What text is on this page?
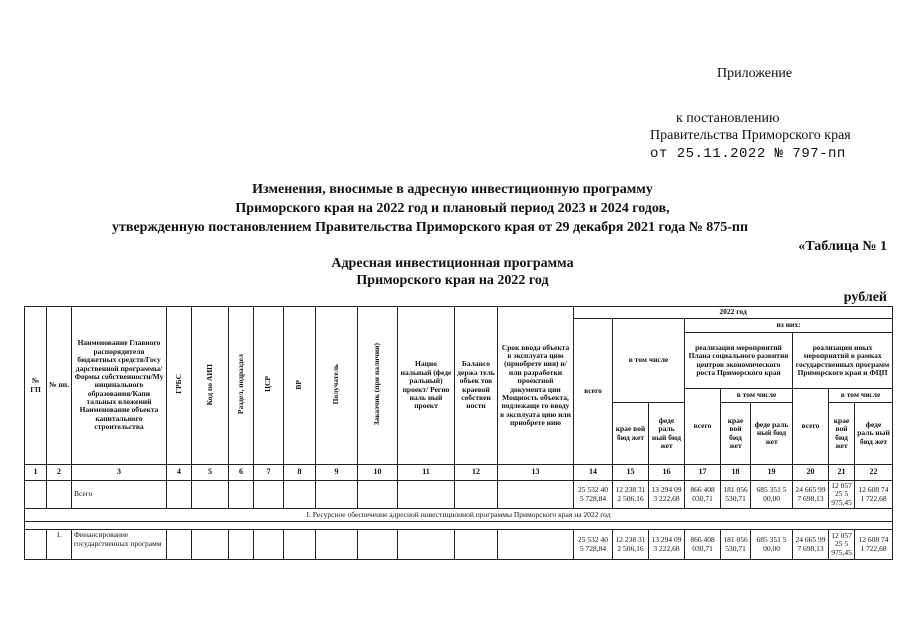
Приложение
к постановлению
Правительства Приморского края
от 25.11.2022 № 797-пп
Изменения, вносимые в адресную инвестиционную программу
Приморского края на 2022 год и плановый период 2023 и 2024 годов,
утвержденную постановлением Правительства Приморского края от 29 декабря 2021 года № 875-пп
«Таблица № 1
Адресная инвестиционная программа
Приморского края на 2022 год
рублей
№ ГП	№ пп.	Наименование Главного распорядителя бюджетных средств/Госу дарственной программы/ Формы собственности/Му ниципального образования/Капи тальных вложений Наименование объекта капитального строительства	ГРБС	Код по АИП	Раздел, подраздел	ЦСР	ВР	Получатель	Заказчик (при наличии)	Нацио нальный (феде ральный) проект/ Регио наль ный проект	Балансо держа тель объек тов краевой собствен ности	Срок ввода объекта в эксплуата цию (приобрете ния) и/или разработки проектной документа ции Мощность объекта, подлежаще го вводу в эксплуата цию или приобрете нию	2022 год								
													всего	в том числе		из них:					
																реализация мероприятий Плана социального развития центров экономического роста Приморского края			реализации иных мероприятий в рамках государственных программ Приморского края и ФЦП		
																всего	в том числе		всего	в том числе	
														крае вой бюд жет	феде раль ный бюд жет		крае вой бюд жет	феде раль ный бюд жет		крае вой бюд жет	феде раль ный бюд жет
1	2	3	4	5	6	7	8	9	10	11	12	13	14	15	16	17	18	19	20	21	22
		Всего											25 532 40 5 728,84	12 238 31 2 506,16	13 294 09 3 222,68	866 408 030,71	181 056 530,71	685 351 5 00,00	24 665 99 7 698,13	12 057 25 5 975,45	12 608 74 1 722,68
I. Ресурсное обеспечение адресной инвестиционной программы Приморского края на 2022 год																					

	1.	Финансирование государственных программ											25 532 40 5 728,84	12 238 31 2 506,16	13 294 09 3 222,68	866 408 030,71	181 056 530,71	685 351 5 00,00	24 665 99 7 698,13	12 057 25 5 975,45	12 608 74 1 722,68
